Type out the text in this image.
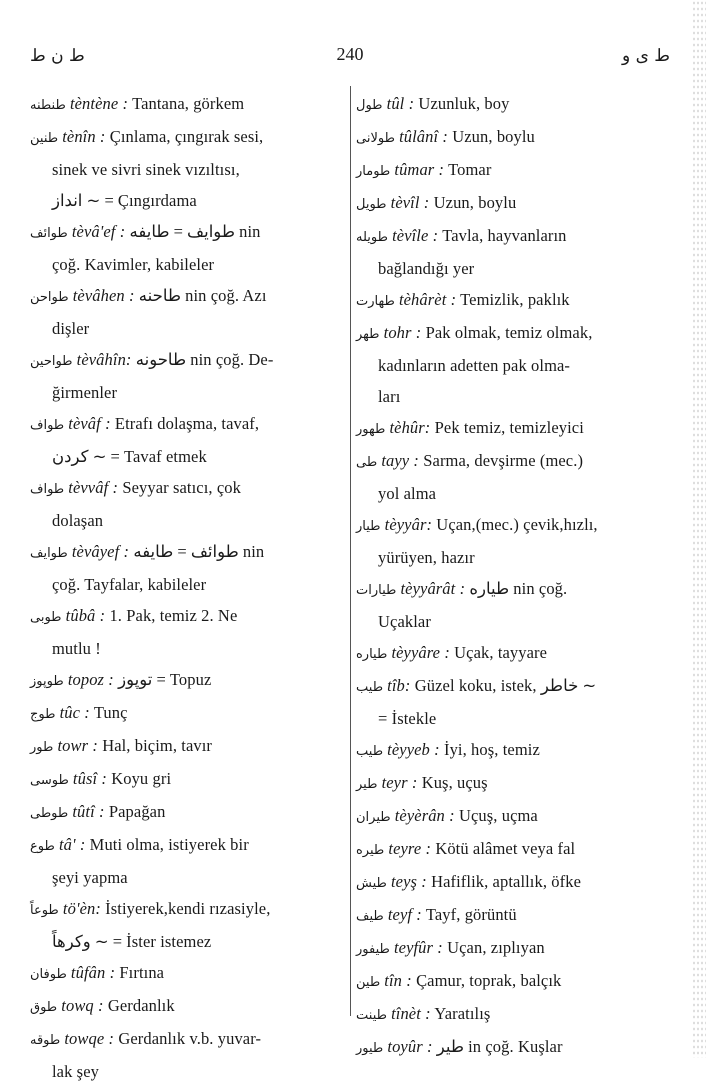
ط ن ط	240	ط ی و
طنطنه tèntène : Tantana, görkem
طنين tènîn : Çınlama, çıngırak sesi,
sinek ve sivri sinek vızıltısı,
انداز ∼ = Çıngırdama
طوائف tèvâ'ef : طوايف = طايفه nin
çoğ. Kavimler, kabileler
طواحن tèvâhen : طاحنه nin çoğ. Azı
dişler
طواحين tèvâhîn: طاحونه nin çoğ. De-
ğirmenler
طواف tèvâf : Etrafı dolaşma, tavaf,
كردن ∼ = Tavaf etmek
طواف tèvvâf : Seyyar satıcı, çok
dolaşan
طوايف tèvâyef : طوائف = طايفه nin
çoğ. Tayfalar, kabileler
طوبى tûbâ : 1. Pak, temiz 2. Ne
mutlu !
طوپوز topoz : توپوز = Topuz
طوج tûc : Tunç
طور towr : Hal, biçim, tavır
طوسى tûsî : Koyu gri
طوطى tûtî : Papağan
طوع tâ' : Muti olma, istiyerek bir
şeyi yapma
طوعاً tö'èn: İstiyerek,kendi rızasiyle,
وكرهاً ∼ = İster istemez
طوفان tûfân : Fırtına
طوق towq : Gerdanlık
طوقه towqe : Gerdanlık v.b. yuvar-
lak şey
طول tûl : Uzunluk, boy
طولانى tûlânî : Uzun, boylu
طومار tûmar : Tomar
طويل tèvîl : Uzun, boylu
طويله tèvîle : Tavla, hayvanların
bağlandığı yer
طهارت tèhârèt : Temizlik, paklık
طهر tohr : Pak olmak, temiz olmak,
kadınların adetten pak olma-
ları
طهور tèhûr: Pek temiz, temizleyici
طى tayy : Sarma, devşirme (mec.)
yol alma
طيار tèyyâr: Uçan,(mec.) çevik,hızlı,
yürüyen, hazır
طيارات tèyyârât : طياره nin çoğ.
Uçaklar
طياره tèyyâre : Uçak, tayyare
طيب tîb: Güzel koku, istek, خاطر ∼
= İstekle
طيب tèyyeb : İyi, hoş, temiz
طير teyr : Kuş, uçuş
طيران tèyèrân : Uçuş, uçma
طيره teyre : Kötü alâmet veya fal
طيش teyş : Hafiflik, aptallık, öfke
طيف teyf : Tayf, görüntü
طيفور teyfûr : Uçan, zıplıyan
طين tîn : Çamur, toprak, balçık
طينت tînèt : Yaratılış
طيور toyûr : طير in çoğ. Kuşlar
